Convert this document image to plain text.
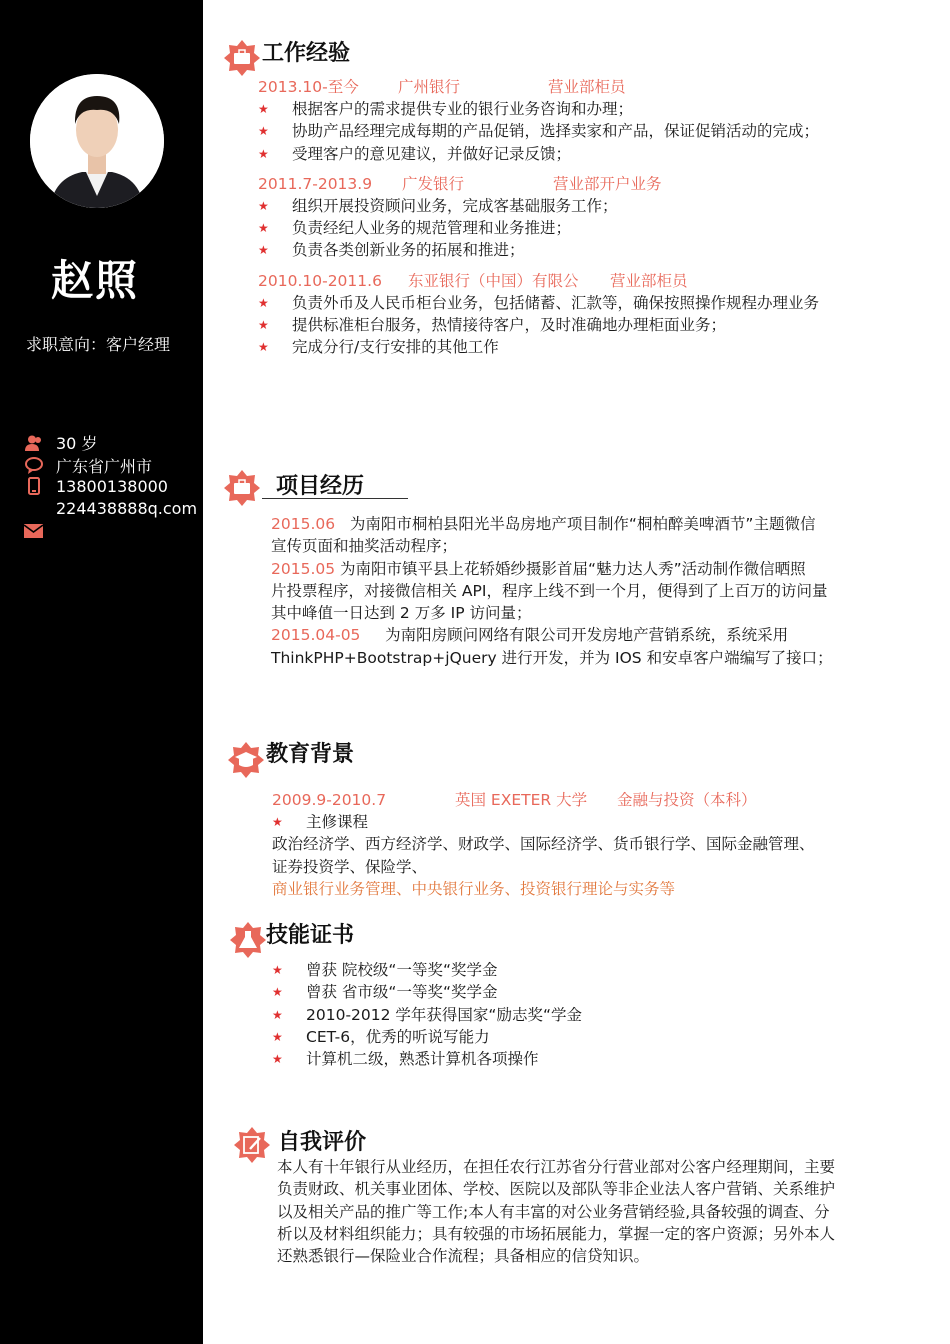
赵照
求职意向：客户经理
30 岁
广东省广州市
13800138000
224438888q.com
工作经验
2013.10-至今	广州银行	营业部柜员
★	根据客户的需求提供专业的银行业务咨询和办理；
★	协助产品经理完成每期的产品促销，选择卖家和产品，保证促销活动的完成；
★	受理客户的意见建议，并做好记录反馈；
2011.7-2013.9 广发银行	营业部开户业务
★	组织开展投资顾问业务，完成客基础服务工作；
★	负责经纪人业务的规范管理和业务推进；
★	负责各类创新业务的拓展和推进；
2010.10-2011.6 东亚银行（中国）有限公 营业部柜员
★	负责外币及人民币柜台业务，包括储蓄、汇款等，确保按照操作规程办理业务
★	提供标准柜台服务，热情接待客户，及时准确地办理柜面业务；
★	完成分行/支行安排的其他工作
项目经历
2015.06 为南阳市桐柏县阳光半岛房地产项目制作“桐柏醉美啤酒节”主题微信
宣传页面和抽奖活动程序；
2015.05 为南阳市镇平县上花轿婚纱摄影首届“魅力达人秀”活动制作微信晒照
片投票程序，对接微信相关 API，程序上线不到一个月，便得到了上百万的访问量
其中峰值一日达到 2 万多 IP 访问量；
2015.04-05 为南阳房顾问网络有限公司开发房地产营销系统，系统采用
ThinkPHP+Bootstrap+jQuery 进行开发，并为 IOS 和安卓客户端编写了接口；
教育背景
2009.9-2010.7	英国 EXETER 大学 金融与投资（本科）
★	主修课程
政治经济学、西方经济学、财政学、国际经济学、货币银行学、国际金融管理、
证券投资学、保险学、
商业银行业务管理、中央银行业务、投资银行理论与实务等
技能证书
★	曾获 院校级“一等奖“奖学金
★	曾获 省市级“一等奖“奖学金
★	2010-2012 学年获得国家“励志奖“学金
★	CET-6，优秀的听说写能力
★	计算机二级，熟悉计算机各项操作
自我评价
本人有十年银行从业经历，在担任农行江苏省分行营业部对公客户经理期间，主要
负责财政、机关事业团体、学校、医院以及部队等非企业法人客户营销、关系维护
以及相关产品的推广等工作;本人有丰富的对公业务营销经验,具备较强的调查、分
析以及材料组织能力；具有较强的市场拓展能力，掌握一定的客户资源；另外本人
还熟悉银行—保险业合作流程；具备相应的信贷知识。
